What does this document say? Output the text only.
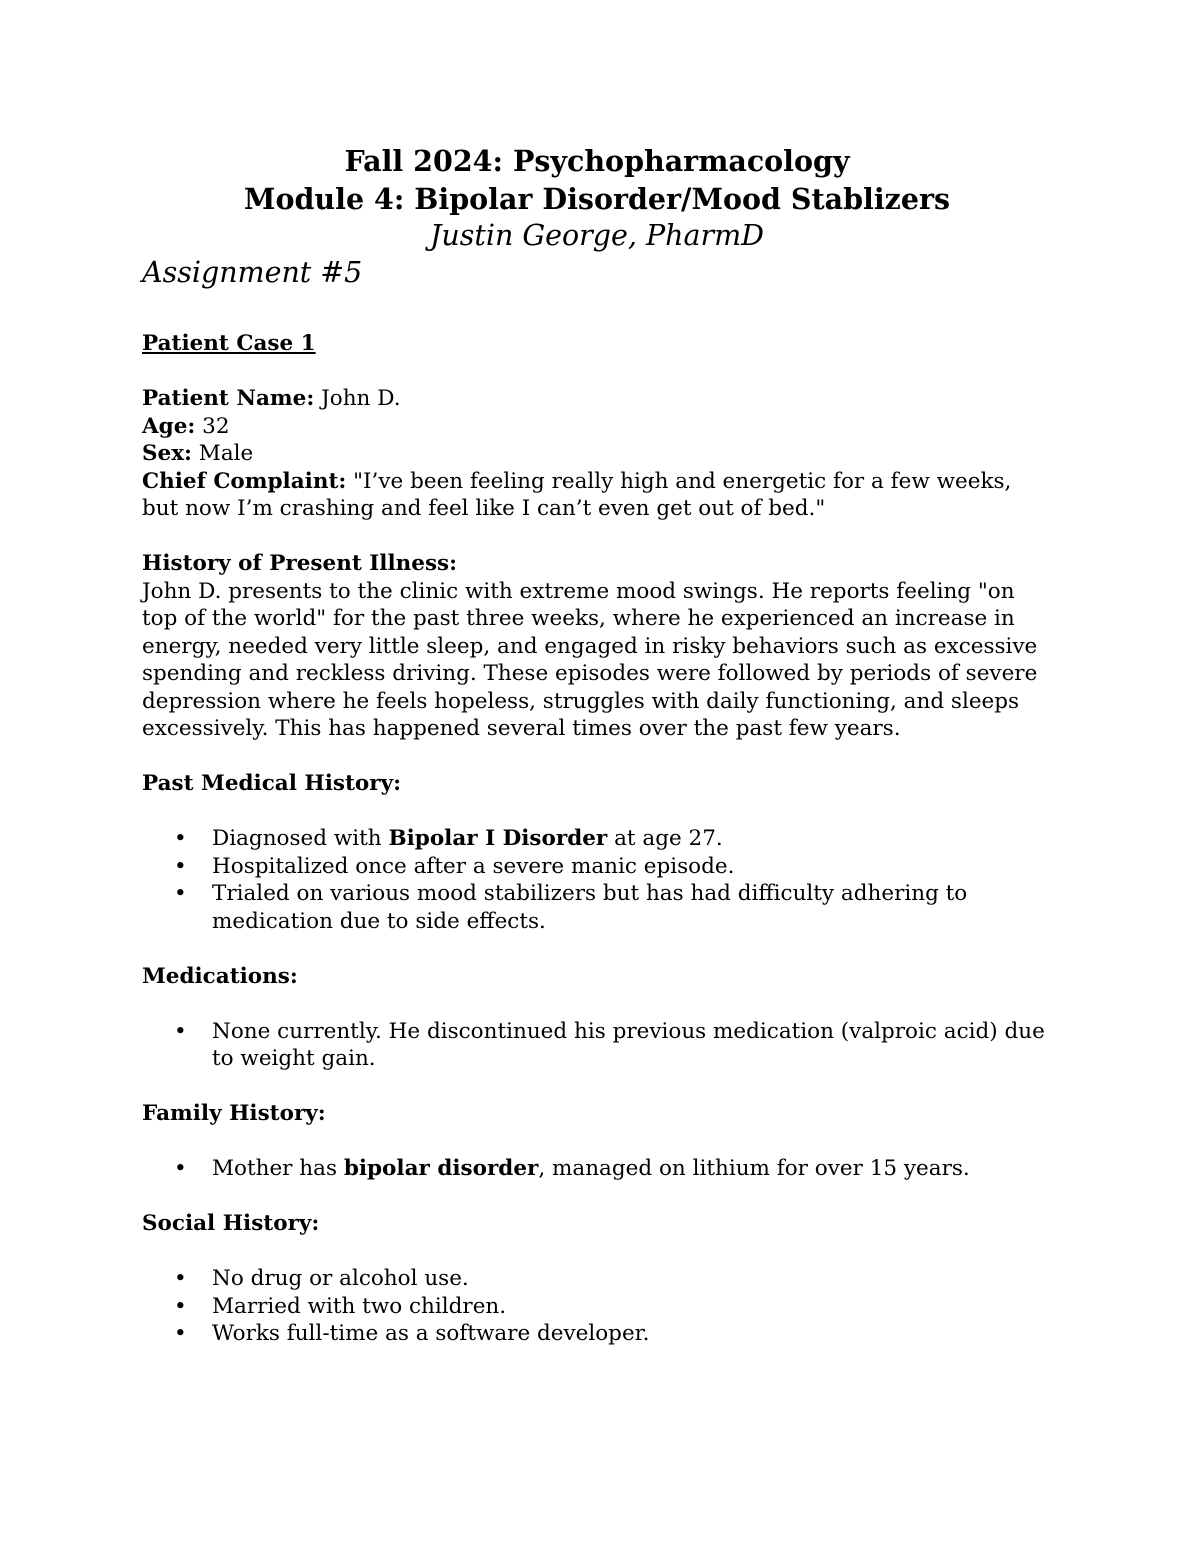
Fall 2024: Psychopharmacology

Module 4: Bipolar Disorder/Mood Stablizers

Justin George, PharmD

Assignment #5

Patient Case 1

Patient Name: John D.

Age: 32

Sex: Male

Chief Complaint: "I’ve been feeling really high and energetic for a few weeks, but now I’m crashing and feel like I can’t even get out of bed."

History of Present Illness:

John D. presents to the clinic with extreme mood swings. He reports feeling "on top of the world" for the past three weeks, where he experienced an increase in energy, needed very little sleep, and engaged in risky behaviors such as excessive spending and reckless driving. These episodes were followed by periods of severe depression where he feels hopeless, struggles with daily functioning, and sleeps excessively. This has happened several times over the past few years.

Past Medical History:

• Diagnosed with Bipolar I Disorder at age 27.
• Hospitalized once after a severe manic episode.
• Trialed on various mood stabilizers but has had difficulty adhering to medication due to side effects.

Medications:

• None currently. He discontinued his previous medication (valproic acid) due to weight gain.

Family History:

• Mother has bipolar disorder, managed on lithium for over 15 years.

Social History:

• No drug or alcohol use.
• Married with two children.
• Works full-time as a software developer.
